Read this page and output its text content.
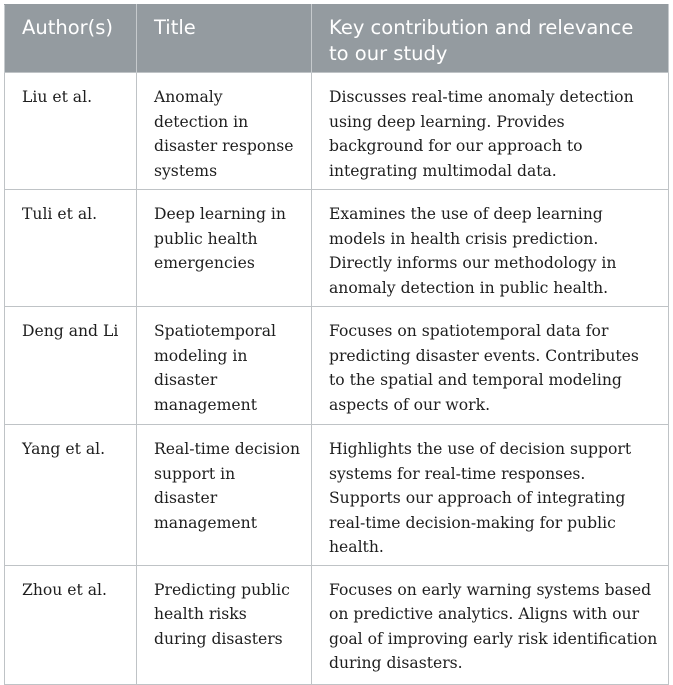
Author(s)	Title	Key contribution and relevance to our study
Liu et al.	Anomaly detection in disaster response systems	Discusses real-time anomaly detection using deep learning. Provides background for our approach to integrating multimodal data.
Tuli et al.	Deep learning in public health emergencies	Examines the use of deep learning models in health crisis prediction. Directly informs our methodology in anomaly detection in public health.
Deng and Li	Spatiotemporal modeling in disaster management	Focuses on spatiotemporal data for predicting disaster events. Contributes to the spatial and temporal modeling aspects of our work.
Yang et al.	Real-time decision support in disaster management	Highlights the use of decision support systems for real-time responses. Supports our approach of integrating real-time decision-making for public health.
Zhou et al.	Predicting public health risks during disasters	Focuses on early warning systems based on predictive analytics. Aligns with our goal of improving early risk identification during disasters.
